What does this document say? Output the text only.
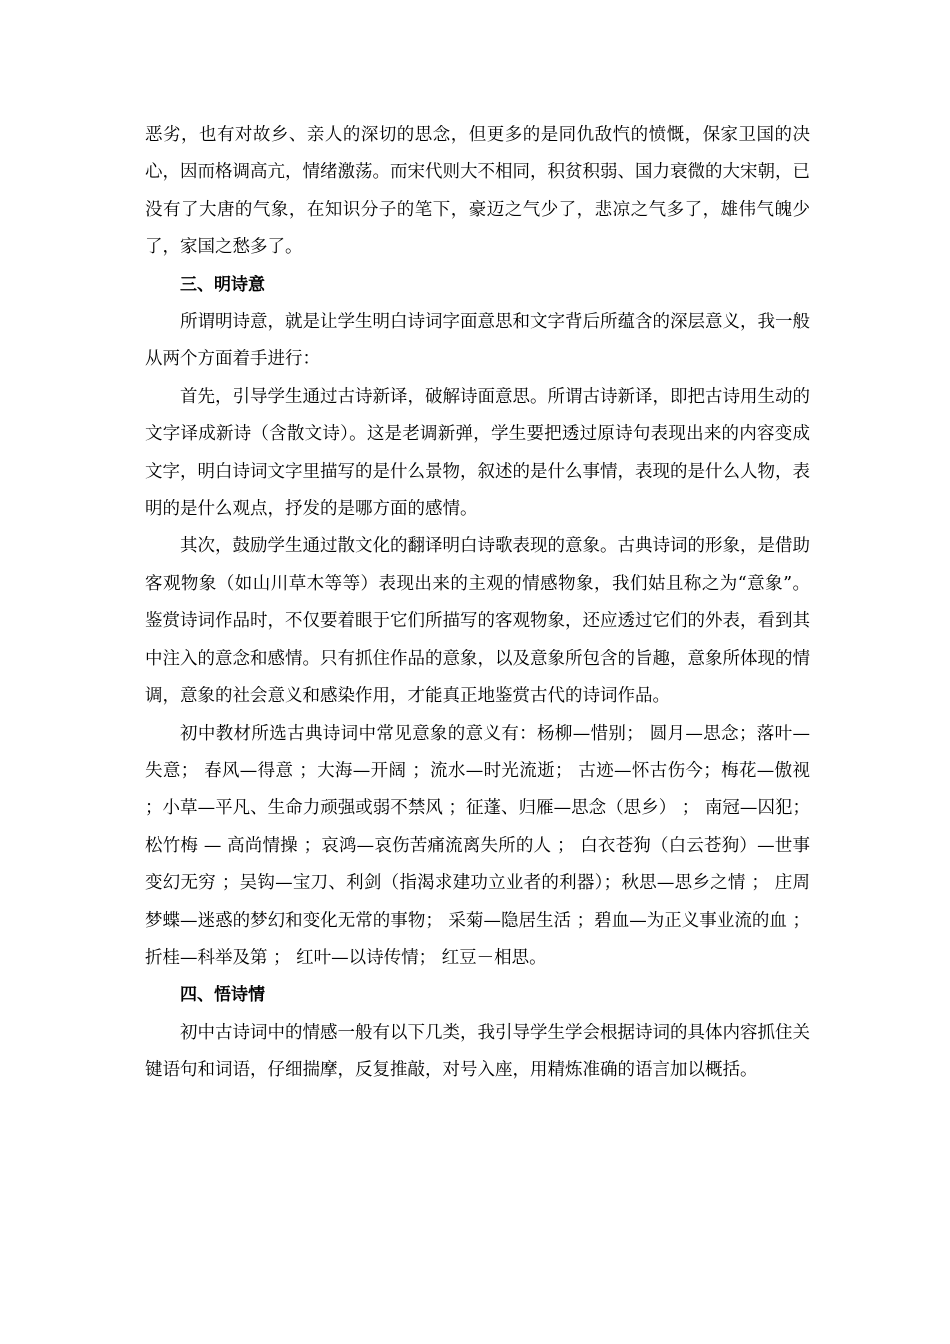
恶劣，也有对故乡、亲人的深切的思念，但更多的是同仇敌忾的愤慨，保家卫国的决心，因而格调高亢，情绪激荡。而宋代则大不相同，积贫积弱、国力衰微的大宋朝，已没有了大唐的气象，在知识分子的笔下，豪迈之气少了，悲凉之气多了，雄伟气魄少了，家国之愁多了。

三、明诗意

所谓明诗意，就是让学生明白诗词字面意思和文字背后所蕴含的深层意义，我一般从两个方面着手进行：

首先，引导学生通过古诗新译，破解诗面意思。所谓古诗新译，即把古诗用生动的文字译成新诗（含散文诗）。这是老调新弹，学生要把透过原诗句表现出来的内容变成文字，明白诗词文字里描写的是什么景物，叙述的是什么事情，表现的是什么人物，表明的是什么观点，抒发的是哪方面的感情。

其次，鼓励学生通过散文化的翻译明白诗歌表现的意象。古典诗词的形象，是借助客观物象（如山川草木等等）表现出来的主观的情感物象，我们姑且称之为“意象”。鉴赏诗词作品时，不仅要着眼于它们所描写的客观物象，还应透过它们的外表，看到其中注入的意念和感情。只有抓住作品的意象，以及意象所包含的旨趣，意象所体现的情调，意象的社会意义和感染作用，才能真正地鉴赏古代的诗词作品。

初中教材所选古典诗词中常见意象的意义有：杨柳—惜别； 圆月—思念；落叶—失意； 春风—得意 ；大海—开阔 ；流水—时光流逝； 古迹—怀古伤今；梅花—傲视 ；小草—平凡、生命力顽强或弱不禁风 ；征蓬、归雁—思念（思乡） ； 南冠—囚犯； 松竹梅 — 高尚情操 ；哀鸿—哀伤苦痛流离失所的人 ； 白衣苍狗（白云苍狗）—世事变幻无穷 ；吴钩—宝刀、利剑（指渴求建功立业者的利器）；秋思—思乡之情 ； 庄周梦蝶—迷惑的梦幻和变化无常的事物； 采菊—隐居生活 ；碧血—为正义事业流的血 ；折桂—科举及第 ； 红叶—以诗传情； 红豆－相思。

四、悟诗情

初中古诗词中的情感一般有以下几类，我引导学生学会根据诗词的具体内容抓住关键语句和词语，仔细揣摩，反复推敲，对号入座，用精炼准确的语言加以概括。
